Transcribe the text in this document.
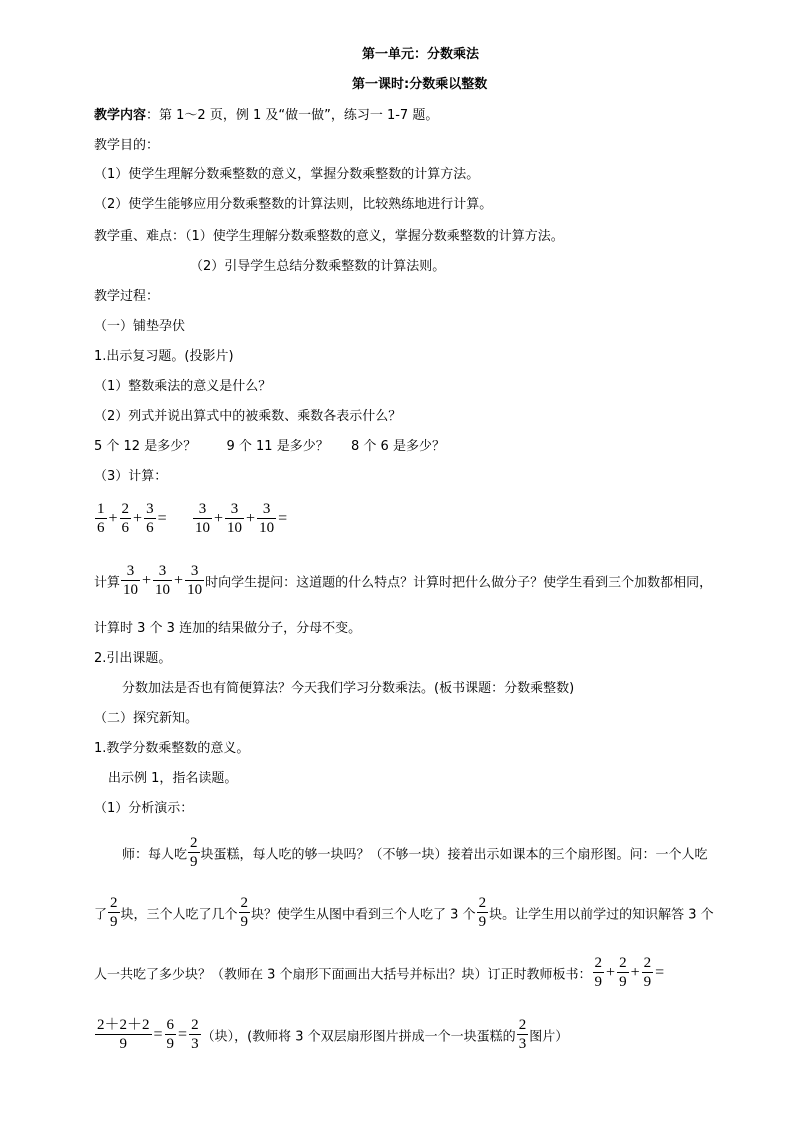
第一单元：分数乘法
第一课时:分数乘以整数
教学内容：第 1～2 页，例 1 及“做一做”，练习一 1-7 题。
教学目的：
（1）使学生理解分数乘整数的意义，掌握分数乘整数的计算方法。
（2）使学生能够应用分数乘整数的计算法则，比较熟练地进行计算。
教学重、难点：（1）使学生理解分数乘整数的意义，掌握分数乘整数的计算方法。
（2）引导学生总结分数乘整数的计算法则。
教学过程：
（一）铺垫孕伏
1.出示复习题。(投影片)
（1）整数乘法的意义是什么？
（2）列式并说出算式中的被乘数、乘数各表示什么？
5 个 12 是多少？ 9 个 11 是多少？ 8 个 6 是多少？
（3）计算：
$\frac{1}{6} + \frac{2}{6} + \frac{3}{6} = \frac{3}{10} + \frac{3}{10} + \frac{3}{10}$ =
计算 $\frac{3}{10} + \frac{3}{10} + \frac{3}{10}$ 时向学生提问：这道题的什么特点？计算时把什么做分子？使学生看到三个加数都相同，
计算时 3 个 3 连加的结果做分子，分母不变。
2.引出课题。
分数加法是否也有简便算法？今天我们学习分数乘法。(板书课题：分数乘整数)
（二）探究新知。
1.教学分数乘整数的意义。
出示例 1，指名读题。
（1）分析演示：
师：每人吃 $\frac{2}{9}$ 块蛋糕，每人吃的够一块吗？（不够一块）接着出示如课本的三个扇形图。问：一个人吃
了 $\frac{2}{9}$ 块，三个人吃了几个 $\frac{2}{9}$ 块？使学生从图中看到三个人吃了 3 个 $\frac{2}{9}$ 块。让学生用以前学过的知识解答 3 个
人一共吃了多少块？（教师在 3 个扇形下面画出大括号并标出？块）订正时教师板书： $\frac{2}{9} + \frac{2}{9} + \frac{2}{9}$ =
$\frac{2+2+2}{9} = \frac{6}{9} = \frac{2}{3}$ （块），(教师将 3 个双层扇形图片拼成一个一块蛋糕的 $\frac{2}{3}$ 图片）
